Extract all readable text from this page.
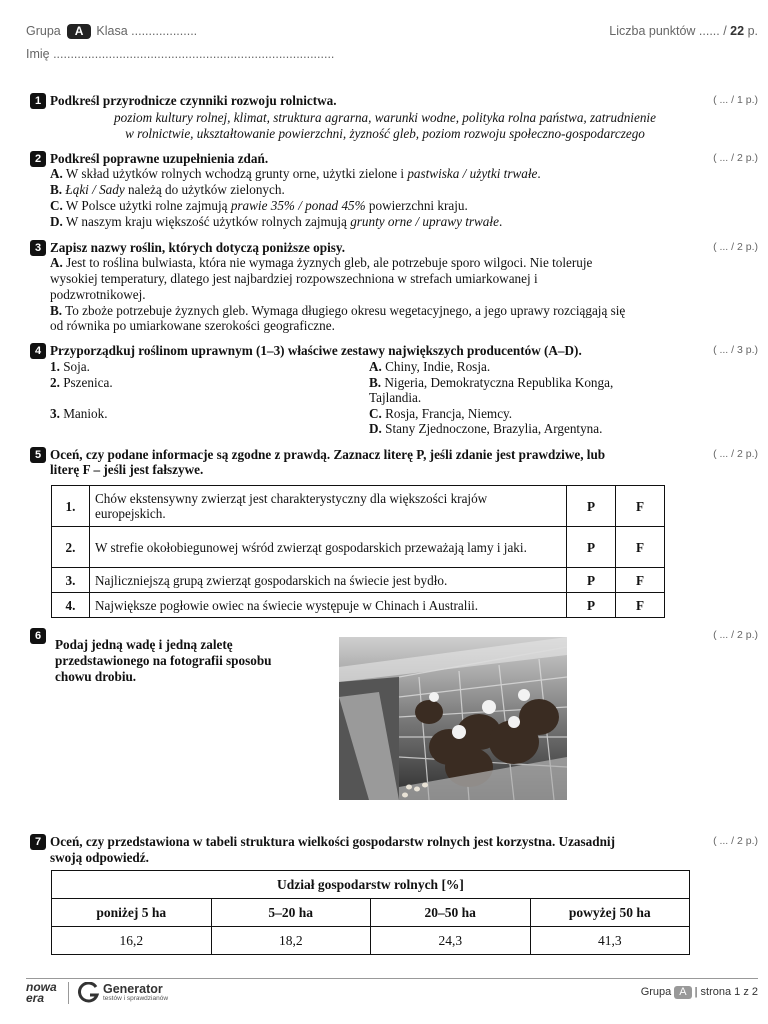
Grupa A Klasa ...................	Liczba punktów ...... / 22 p.
Imię .................................................................................
1 Podkreśl przyrodnicze czynniki rozwoju rolnictwa.	( ... / 1 p.)
poziom kultury rolnej, klimat, struktura agrarna, warunki wodne, polityka rolna państwa, zatrudnienie
w rolnictwie, ukształtowanie powierzchni, żyzność gleb, poziom rozwoju społeczno-gospodarczego
2 Podkreśl poprawne uzupełnienia zdań.	( ... / 2 p.)
A. W skład użytków rolnych wchodzą grunty orne, użytki zielone i pastwiska / użytki trwałe.
B. Łąki / Sady należą do użytków zielonych.
C. W Polsce użytki rolne zajmują prawie 35% / ponad 45% powierzchni kraju.
D. W naszym kraju większość użytków rolnych zajmują grunty orne / uprawy trwałe.
3 Zapisz nazwy roślin, których dotyczą poniższe opisy.	( ... / 2 p.)
A. Jest to roślina bulwiasta, która nie wymaga żyznych gleb, ale potrzebuje sporo wilgoci. Nie toleruje
wysokiej temperatury, dlatego jest najbardziej rozpowszechniona w strefach umiarkowanej i
podzwrotnikowej.
B. To zboże potrzebuje żyznych gleb. Wymaga długiego okresu wegetacyjnego, a jego uprawy rozciągają się
od równika po umiarkowane szerokości geograficzne.
4 Przyporządkuj roślinom uprawnym (1–3) właściwe zestawy największych producentów (A–D).	( ... / 3 p.)
1. Soja.
2. Pszenica.
3. Maniok.
A. Chiny, Indie, Rosja.
B. Nigeria, Demokratyczna Republika Konga,
Tajlandia.
C. Rosja, Francja, Niemcy.
D. Stany Zjednoczone, Brazylia, Argentyna.
5 Oceń, czy podane informacje są zgodne z prawdą. Zaznacz literę P, jeśli zdanie jest prawdziwe, lub
literę F – jeśli jest fałszywe.
( ... / 2 p.)
1.	Chów ekstensywny zwierząt jest charakterystyczny dla większości krajów europejskich.	P	F
2.	W strefie okołobiegunowej wśród zwierząt gospodarskich przeważają lamy i jaki.	P	F
3.	Najliczniejszą grupą zwierząt gospodarskich na świecie jest bydło.	P	F
4.	Największe pogłowie owiec na świecie występuje w Chinach i Australii.	P	F
6
Podaj jedną wadę i jedną zaletę
przedstawionego na fotografii sposobu
chowu drobiu.
( ... / 2 p.)
7 Oceń, czy przedstawiona w tabeli struktura wielkości gospodarstw rolnych jest korzystna. Uzasadnij
swoją odpowiedź.
( ... / 2 p.)
Udział gospodarstw rolnych [%]			
poniżej 5 ha	5–20 ha	20–50 ha	powyżej 50 ha
16,2	18,2	24,3	41,3
nowa
era
Generator
testów i sprawdzianów
Grupa A | strona 1 z 2
